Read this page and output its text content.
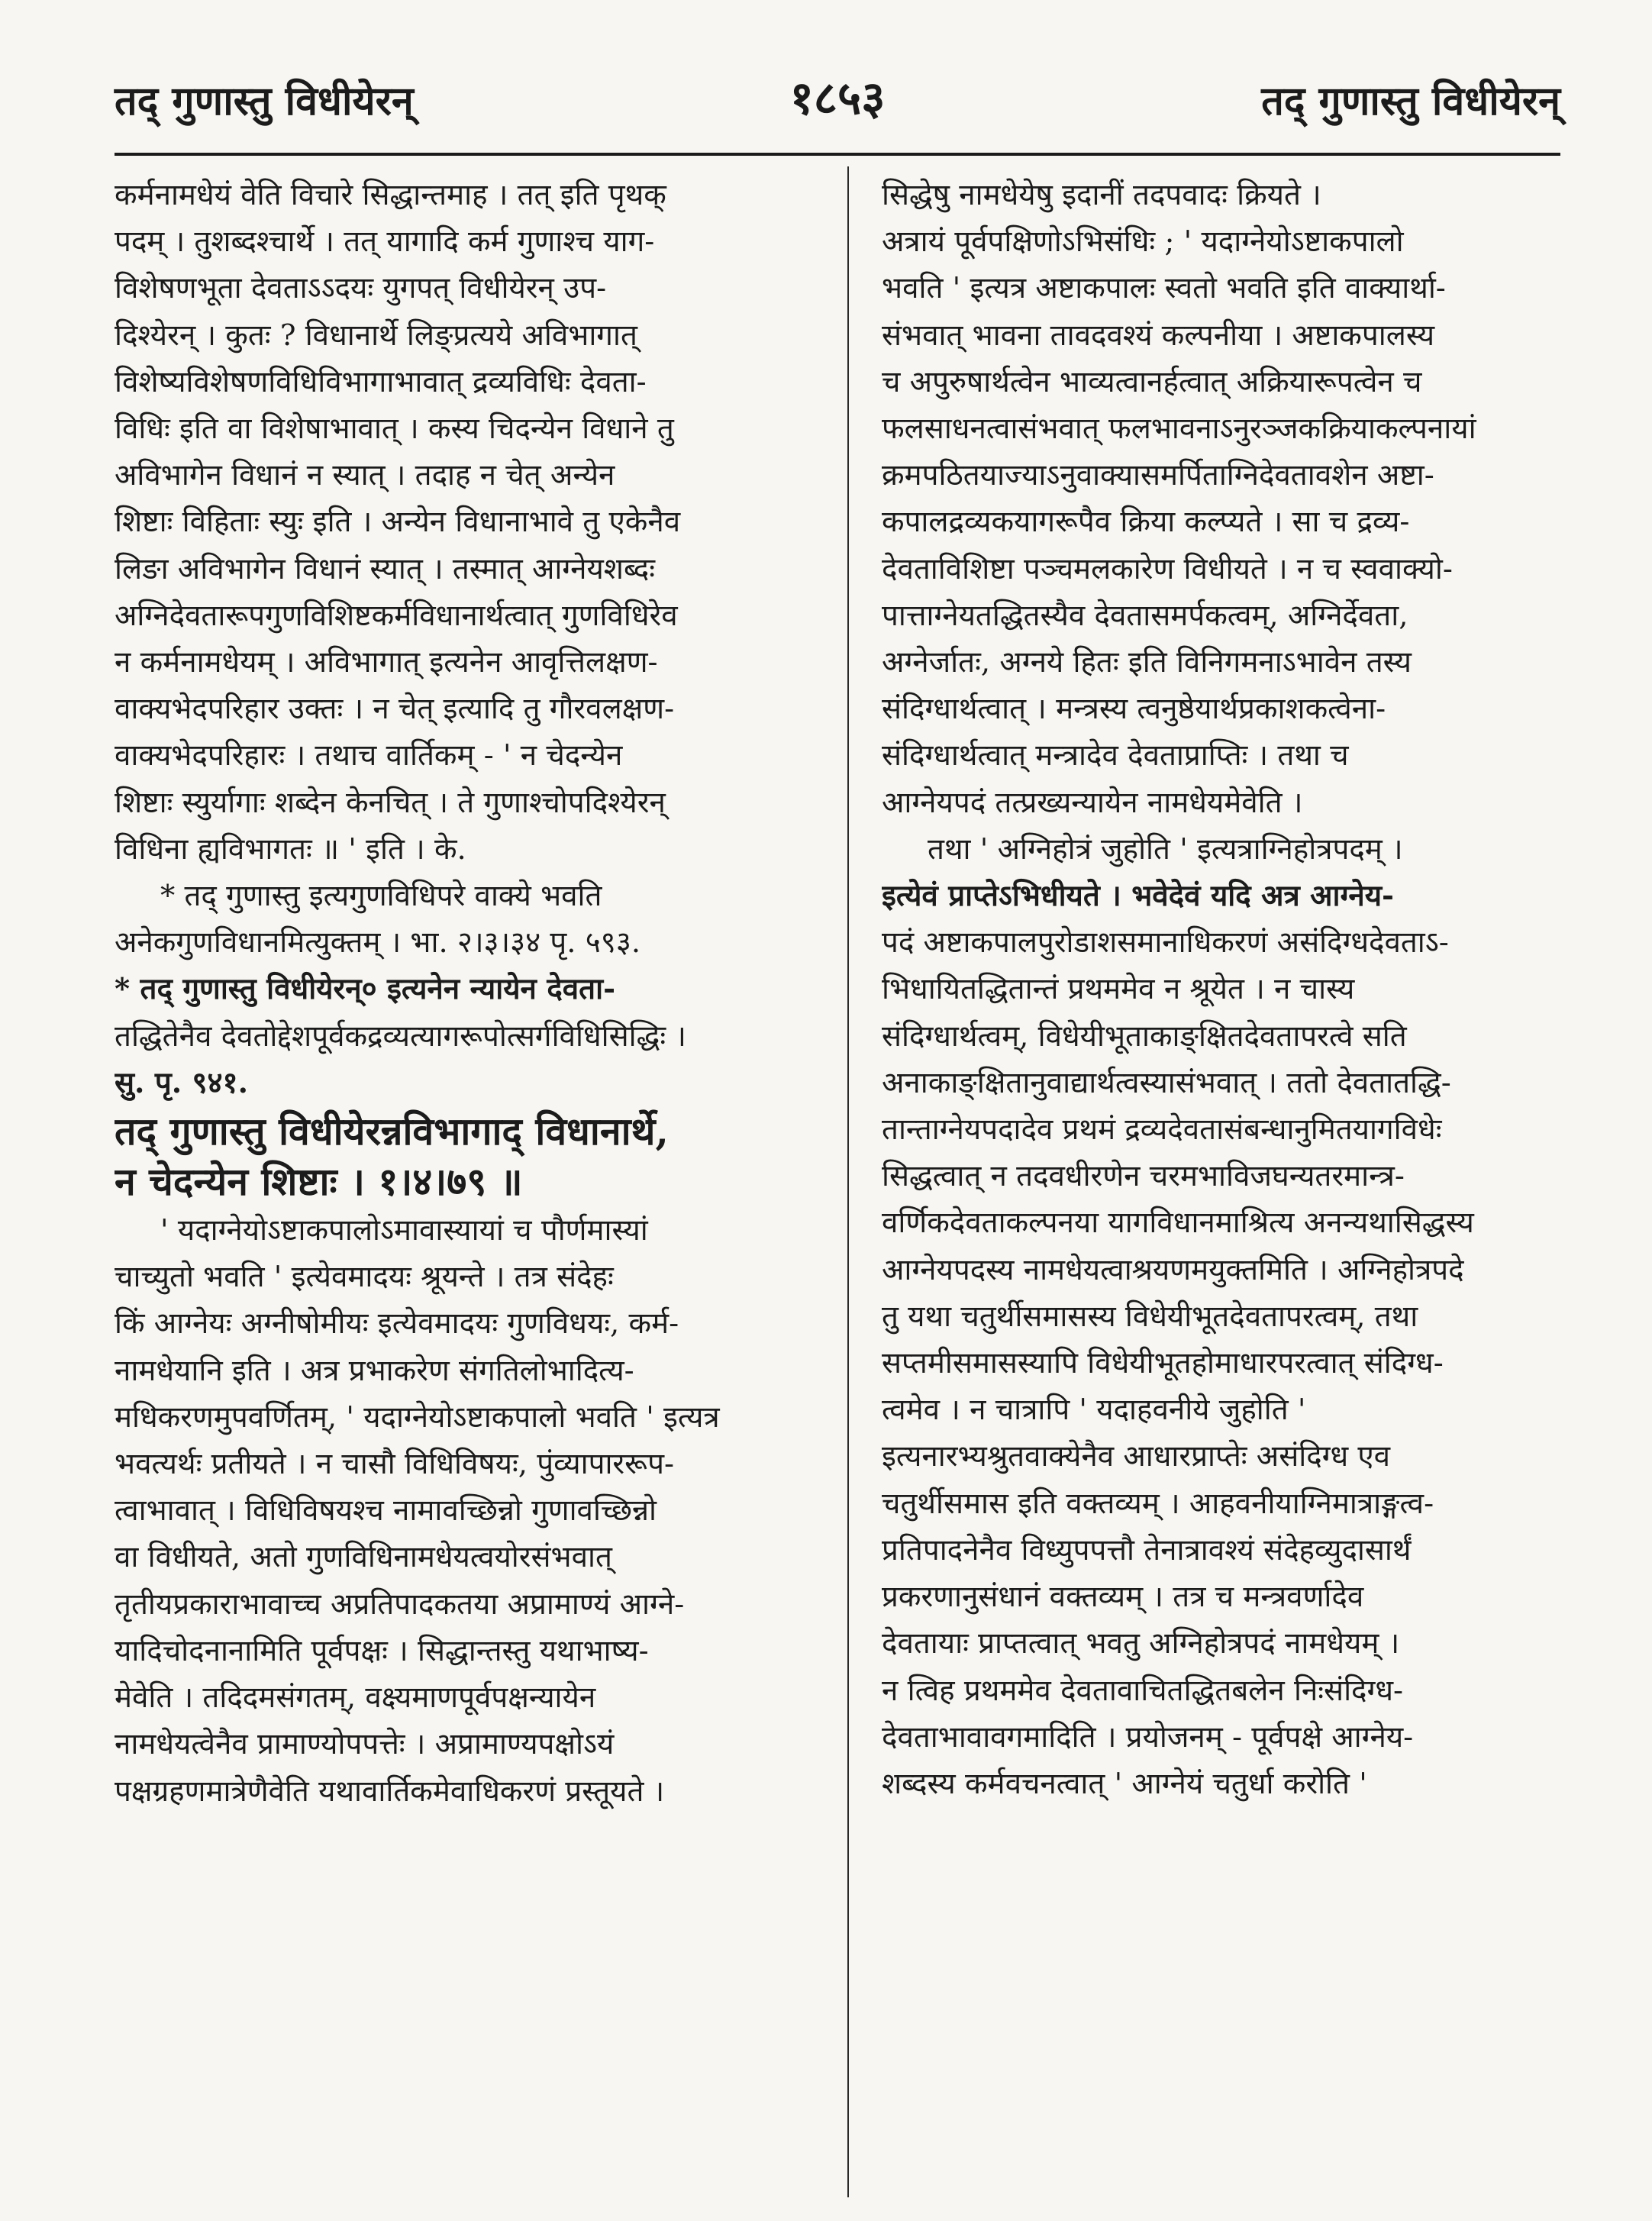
तद् गुणास्तु विधीयेरन्	१८५३	तद् गुणास्तु विधीयेरन्
कर्मनामधेयं वेति विचारे सिद्धान्तमाह । तत् इति पृथक्
पदम् । तुशब्दश्चार्थे । तत् यागादि कर्म गुणाश्च याग-
विशेषणभूता देवताऽऽदयः युगपत् विधीयेरन् उप-
दिश्येरन् । कुतः ? विधानार्थे लिङ्प्रत्यये अविभागात्
विशेष्यविशेषणविधिविभागाभावात् द्रव्यविधिः देवता-
विधिः इति वा विशेषाभावात् । कस्य चिदन्येन विधाने तु
अविभागेन विधानं न स्यात् । तदाह न चेत् अन्येन
शिष्टाः विहिताः स्युः इति । अन्येन विधानाभावे तु एकेनैव
लिङा अविभागेन विधानं स्यात् । तस्मात् आग्नेयशब्दः
अग्निदेवतारूपगुणविशिष्टकर्मविधानार्थत्वात् गुणविधिरेव
न कर्मनामधेयम् । अविभागात् इत्यनेन आवृत्तिलक्षण-
वाक्यभेदपरिहार उक्तः । न चेत् इत्यादि तु गौरवलक्षण-
वाक्यभेदपरिहारः । तथाच वार्तिकम् - ' न चेदन्येन
शिष्टाः स्युर्यागाः शब्देन केनचित् । ते गुणाश्चोपदिश्येरन्
विधिना ह्यविभागतः ॥ ' इति । के.
* तद् गुणास्तु इत्यगुणविधिपरे वाक्ये भवति
अनेकगुणविधानमित्युक्तम् । भा. २।३।३४ पृ. ५९३.
* तद् गुणास्तु विधीयेरन्० इत्यनेन न्यायेन देवता-
तद्धितेनैव देवतोद्देशपूर्वकद्रव्यत्यागरूपोत्सर्गविधिसिद्धिः ।
सु. पृ. ९४१.
तद् गुणास्तु विधीयेरन्नविभागाद् विधानार्थे,
न चेदन्येन शिष्टाः । १।४।७९ ॥
' यदाग्नेयोऽष्टाकपालोऽमावास्यायां च पौर्णमास्यां
चाच्युतो भवति ' इत्येवमादयः श्रूयन्ते । तत्र संदेहः
किं आग्नेयः अग्नीषोमीयः इत्येवमादयः गुणविधयः, कर्म-
नामधेयानि इति । अत्र प्रभाकरेण संगतिलोभादित्य-
मधिकरणमुपवर्णितम्, ' यदाग्नेयोऽष्टाकपालो भवति ' इत्यत्र
भवत्यर्थः प्रतीयते । न चासौ विधिविषयः, पुंव्यापाररूप-
त्वाभावात् । विधिविषयश्च नामावच्छिन्नो गुणावच्छिन्नो
वा विधीयते, अतो गुणविधिनामधेयत्वयोरसंभवात्
तृतीयप्रकाराभावाच्च अप्रतिपादकतया अप्रामाण्यं आग्ने-
यादिचोदनानामिति पूर्वपक्षः । सिद्धान्तस्तु यथाभाष्य-
मेवेति । तदिदमसंगतम्, वक्ष्यमाणपूर्वपक्षन्यायेन
नामधेयत्वेनैव प्रामाण्योपपत्तेः । अप्रामाण्यपक्षोऽयं
पक्षग्रहणमात्रेणैवेति यथावार्तिकमेवाधिकरणं प्रस्तूयते ।
सिद्धेषु नामधेयेषु इदानीं तदपवादः क्रियते ।
अत्रायं पूर्वपक्षिणोऽभिसंधिः ; ' यदाग्नेयोऽष्टाकपालो
भवति ' इत्यत्र अष्टाकपालः स्वतो भवति इति वाक्यार्था-
संभवात् भावना तावदवश्यं कल्पनीया । अष्टाकपालस्य
च अपुरुषार्थत्वेन भाव्यत्वानर्हत्वात् अक्रियारूपत्वेन च
फलसाधनत्वासंभवात् फलभावनाऽनुरञ्जकक्रियाकल्पनायां
क्रमपठितयाज्याऽनुवाक्यासमर्पिताग्निदेवतावशेन अष्टा-
कपालद्रव्यकयागरूपैव क्रिया कल्प्यते । सा च द्रव्य-
देवताविशिष्टा पञ्चमलकारेण विधीयते । न च स्ववाक्यो-
पात्ताग्नेयतद्धितस्यैव देवतासमर्पकत्वम्, अग्निर्देवता,
अग्नेर्जातः, अग्नये हितः इति विनिगमनाऽभावेन तस्य
संदिग्धार्थत्वात् । मन्त्रस्य त्वनुष्ठेयार्थप्रकाशकत्वेना-
संदिग्धार्थत्वात् मन्त्रादेव देवताप्राप्तिः । तथा च
आग्नेयपदं तत्प्रख्यन्यायेन नामधेयमेवेति ।
तथा ' अग्निहोत्रं जुहोति ' इत्यत्राग्निहोत्रपदम् ।
इत्येवं प्राप्तेऽभिधीयते । भवेदेवं यदि अत्र आग्नेय-
पदं अष्टाकपालपुरोडाशसमानाधिकरणं असंदिग्धदेवताऽ-
भिधायितद्धितान्तं प्रथममेव न श्रूयेत । न चास्य
संदिग्धार्थत्वम्, विधेयीभूताकाङ्क्षितदेवतापरत्वे सति
अनाकाङ्क्षितानुवाद्यार्थत्वस्यासंभवात् । ततो देवतातद्धि-
तान्ताग्नेयपदादेव प्रथमं द्रव्यदेवतासंबन्धानुमितयागविधेः
सिद्धत्वात् न तदवधीरणेन चरमभाविजघन्यतरमान्त्र-
वर्णिकदेवताकल्पनया यागविधानमाश्रित्य अनन्यथासिद्धस्य
आग्नेयपदस्य नामधेयत्वाश्रयणमयुक्तमिति । अग्निहोत्रपदे
तु यथा चतुर्थीसमासस्य विधेयीभूतदेवतापरत्वम्, तथा
सप्तमीसमासस्यापि विधेयीभूतहोमाधारपरत्वात् संदिग्ध-
त्वमेव । न चात्रापि ' यदाहवनीये जुहोति '
इत्यनारभ्यश्रुतवाक्येनैव आधारप्राप्तेः असंदिग्ध एव
चतुर्थीसमास इति वक्तव्यम् । आहवनीयाग्निमात्राङ्गत्व-
प्रतिपादनेनैव विध्युपपत्तौ तेनात्रावश्यं संदेहव्युदासार्थं
प्रकरणानुसंधानं वक्तव्यम् । तत्र च मन्त्रवर्णादेव
देवतायाः प्राप्तत्वात् भवतु अग्निहोत्रपदं नामधेयम् ।
न त्विह प्रथममेव देवतावाचितद्धितबलेन निःसंदिग्ध-
देवताभावावगमादिति । प्रयोजनम् - पूर्वपक्षे आग्नेय-
शब्दस्य कर्मवचनत्वात् ' आग्नेयं चतुर्धा करोति '
